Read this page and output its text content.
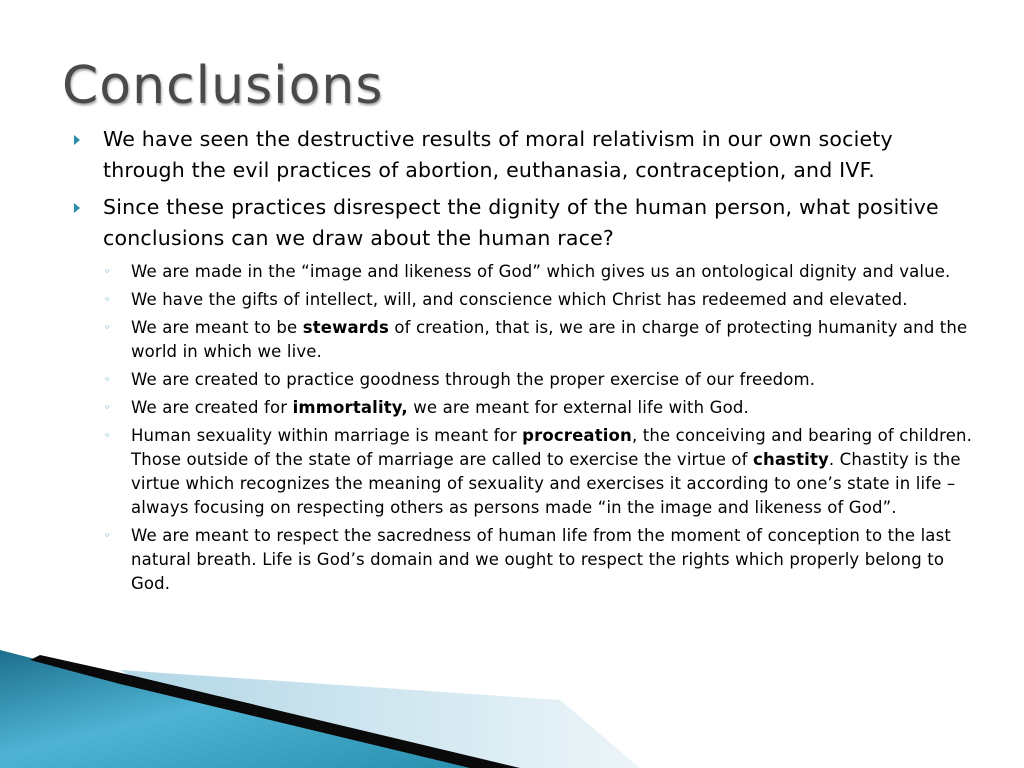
Conclusions
We have seen the destructive results of moral relativism in our own society through the evil practices of abortion, euthanasia, contraception, and IVF.
Since these practices disrespect the dignity of the human person, what positive conclusions can we draw about the human race?
◦ We are made in the “image and likeness of God” which gives us an ontological dignity and value.
◦ We have the gifts of intellect, will, and conscience which Christ has redeemed and elevated.
◦ We are meant to be stewards of creation, that is, we are in charge of protecting humanity and the world in which we live.
◦ We are created to practice goodness through the proper exercise of our freedom.
◦ We are created for immortality, we are meant for external life with God.
◦ Human sexuality within marriage is meant for procreation, the conceiving and bearing of children. Those outside of the state of marriage are called to exercise the virtue of chastity. Chastity is the virtue which recognizes the meaning of sexuality and exercises it according to one’s state in life – always focusing on respecting others as persons made “in the image and likeness of God”.
◦ We are meant to respect the sacredness of human life from the moment of conception to the last natural breath. Life is God’s domain and we ought to respect the rights which properly belong to God.
